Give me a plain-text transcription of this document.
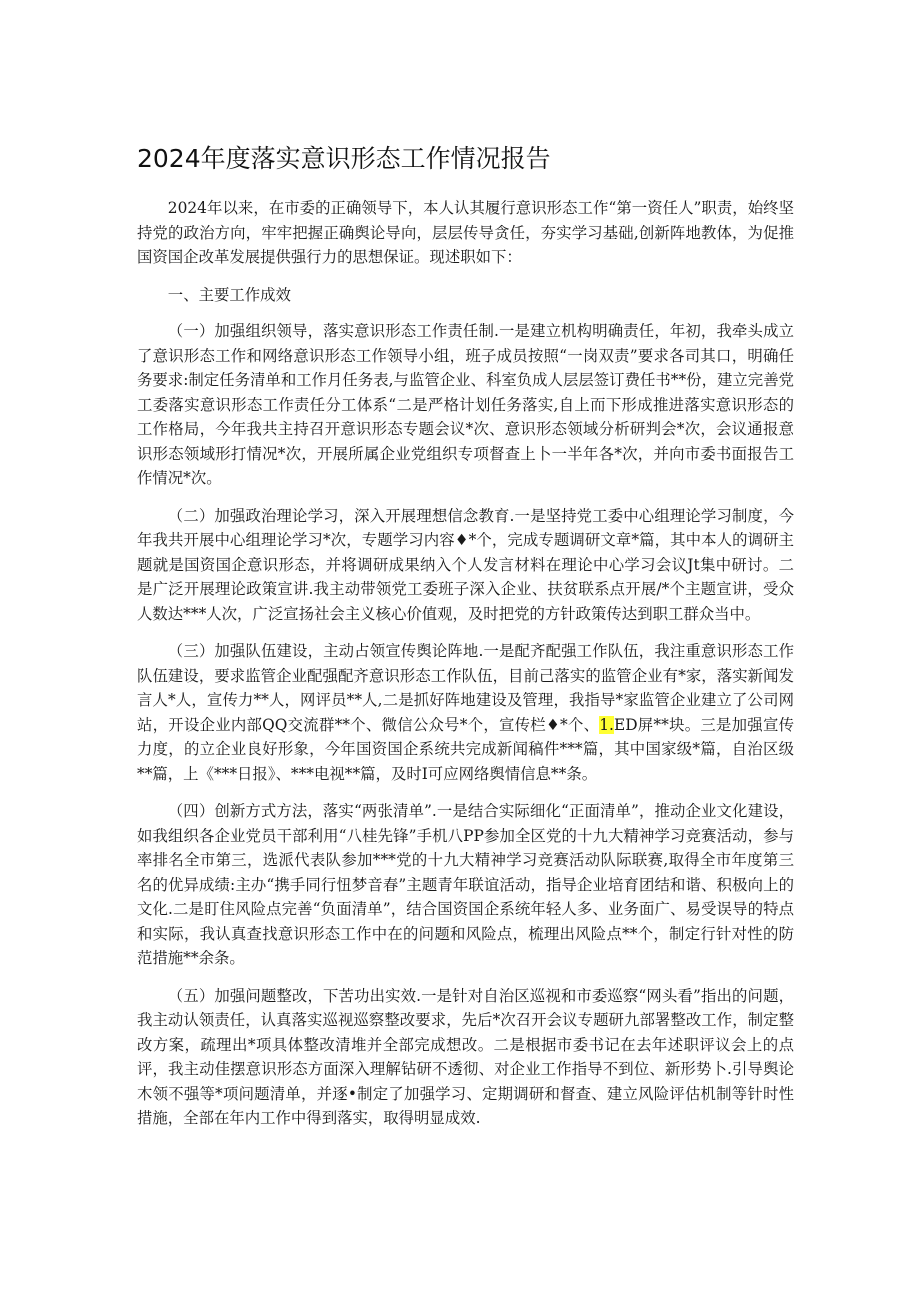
2024年度落实意识形态工作情况报告

2024年以来，在市委的正确领导下，本人认其履行意识形态工作“第一资任人”职责，始终坚持党的政治方向，牢牢把握正确舆论导向，层层传导贪任，夯实学习基础,创新阵地教体，为促推国资国企改革发展提供强行力的思想保证。现述职如下：

一、主要工作成效

（一）加强组织领导，落实意识形态工作责任制.一是建立机构明确责任，年初，我牵头成立了意识形态工作和网络意识形态工作领导小组，班子成员按照“一岗双责”要求各司其口，明确任务要求:制定任务清单和工作月任务表,与监管企业、科室负成人层层签订费任书**份，建立完善党工委落实意识形态工作责任分工体系“二是严格计划任务落实,自上而下形成推进落实意识形态的工作格局，今年我共主持召开意识形态专题会议*次、意识形态领域分析研判会*次，会议通报意识形态领域形打情况*次，开展所属企业党组织专项督查上卜一半年各*次，并向市委书面报告工作情况*次。

（二）加强政治理论学习，深入开展理想信念教育.一是坚持党工委中心组理论学习制度，今年我共开展中心组理论学习*次，专题学习内容♦*个，完成专题调研文章*篇，其中本人的调研主题就是国资国企意识形态，并将调研成果纳入个人发言材料在理论中心学习会议Jt集中研讨。二是广泛开展理论政策宣讲.我主动带领党工委班子深入企业、扶贫联系点开展/*个主题宣讲，受众人数达***人次，广泛宣扬社会主义核心价值观，及时把党的方针政策传达到职工群众当中。

（三）加强队伍建设，主动占领宣传舆论阵地.一是配齐配强工作队伍，我注重意识形态工作队伍建设，要求监管企业配强配齐意识形态工作队伍，目前己落实的监管企业有*家，落实新闻发言人*人，宣传力**人，网评员**人,二是抓好阵地建设及管理，我指导*家监管企业建立了公司网站，开设企业内部QQ交流群**个、微信公众号*个，宣传栏♦*个、1.ED屏**块。三是加强宣传力度，的立企业良好形象，今年国资国企系统共完成新闻稿件***篇，其中国家级*篇，自治区级**篇，上《***日报》、***电视**篇，及时I可应网络舆情信息**条。

（四）创新方式方法，落实“两张清单”.一是结合实际细化“正面清单”，推动企业文化建设，如我组织各企业党员干部利用“八桂先锋”手机八PP参加全区党的十九大精神学习竞赛活动，参与率排名全市第三，选派代表队参加***党的十九大精神学习竞赛活动队际联赛,取得全市年度第三名的优异成绩:主办“携手同行忸梦音春”主题青年联谊活动，指导企业培育团结和谐、积极向上的文化.二是盯住风险点完善“负面清单”，结合国资国企系统年轻人多、业务面广、易受误导的特点和实际，我认真查找意识形态工作中在的问题和风险点，梳理出风险点**个，制定行针对性的防范措施**余条。

（五）加强问题整改，下苦功出实效.一是针对自治区巡视和市委巡察“网头看”指出的问题，我主动认领责任，认真落实巡视巡察整改要求，先后*次召开会议专题研九部署整改工作，制定整改方案，疏理出*项具体整改清堆并全部完成想改。二是根据市委书记在去年述职评议会上的点评，我主动佳摆意识形态方面深入理解钻研不透彻、对企业工作指导不到位、新形势卜.引导舆论木领不强等*项问题清单，并逐•制定了加强学习、定期调研和督查、建立风险评估机制等针时性措施，全部在年内工作中得到落实，取得明显成效.
